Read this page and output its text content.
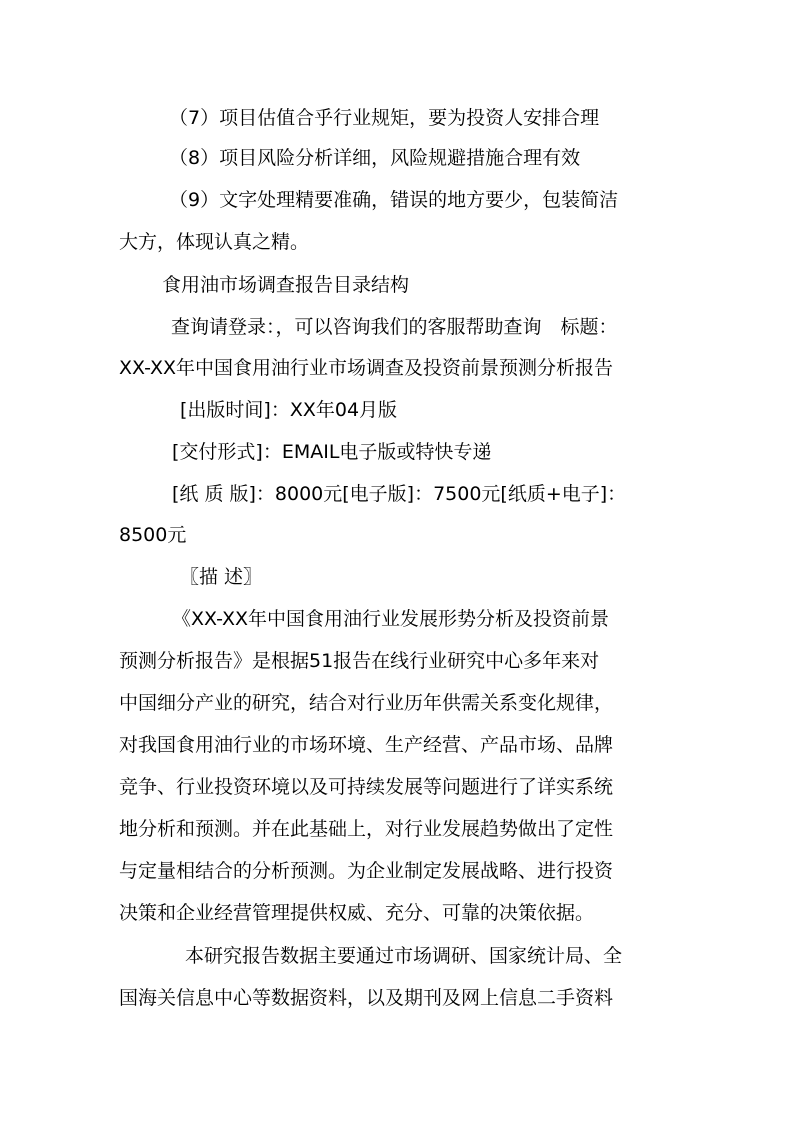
（7）项目估值合乎行业规矩，要为投资人安排合理
（8）项目风险分析详细，风险规避措施合理有效
（9）文字处理精要准确，错误的地方要少，包装简洁
大方，体现认真之精。
食用油市场调查报告目录结构
查询请登录：，可以咨询我们的客服帮助查询　标题：
XX-XX年中国食用油行业市场调查及投资前景预测分析报告
[出版时间]：XX年04月版
[交付形式]：EMAIL电子版或特快专递
[纸 质 版]：8000元[电子版]：7500元[纸质+电子]：
8500元
〖描 述〗
《XX-XX年中国食用油行业发展形势分析及投资前景
预测分析报告》是根据51报告在线行业研究中心多年来对
中国细分产业的研究，结合对行业历年供需关系变化规律，
对我国食用油行业的市场环境、生产经营、产品市场、品牌
竞争、行业投资环境以及可持续发展等问题进行了详实系统
地分析和预测。并在此基础上，对行业发展趋势做出了定性
与定量相结合的分析预测。为企业制定发展战略、进行投资
决策和企业经营管理提供权威、充分、可靠的决策依据。
本研究报告数据主要通过市场调研、国家统计局、全
国海关信息中心等数据资料，以及期刊及网上信息二手资料
